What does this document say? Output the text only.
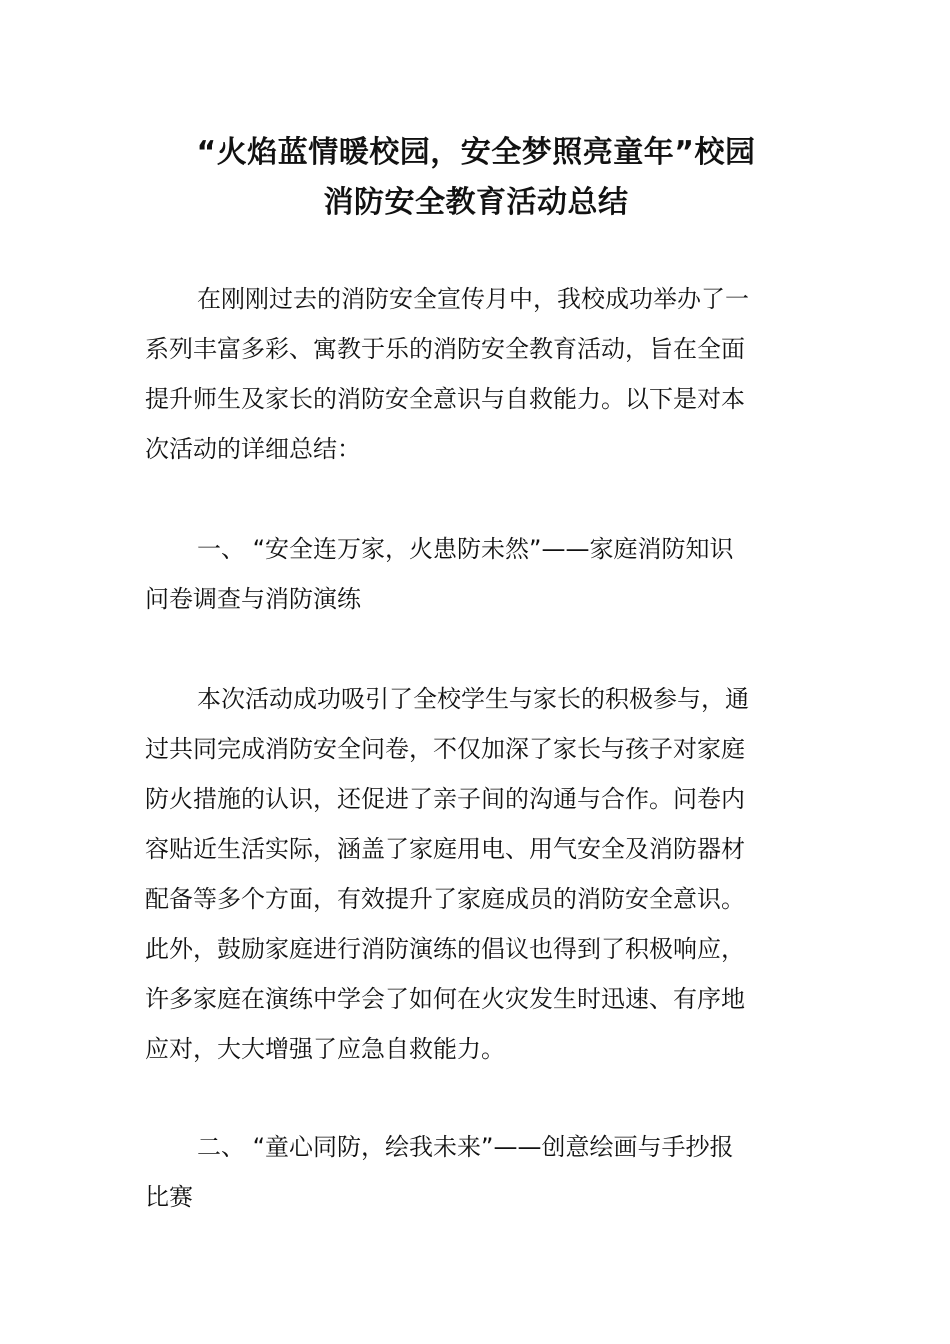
“火焰蓝情暖校园，安全梦照亮童年”校园
消防安全教育活动总结

在刚刚过去的消防安全宣传月中，我校成功举办了一
系列丰富多彩、寓教于乐的消防安全教育活动，旨在全面
提升师生及家长的消防安全意识与自救能力。以下是对本
次活动的详细总结：

一、 “安全连万家，火患防未然”——家庭消防知识
问卷调查与消防演练

本次活动成功吸引了全校学生与家长的积极参与，通
过共同完成消防安全问卷，不仅加深了家长与孩子对家庭
防火措施的认识，还促进了亲子间的沟通与合作。问卷内
容贴近生活实际，涵盖了家庭用电、用气安全及消防器材
配备等多个方面，有效提升了家庭成员的消防安全意识。
此外，鼓励家庭进行消防演练的倡议也得到了积极响应，
许多家庭在演练中学会了如何在火灾发生时迅速、有序地
应对，大大增强了应急自救能力。

二、 “童心同防，绘我未来”——创意绘画与手抄报
比赛
